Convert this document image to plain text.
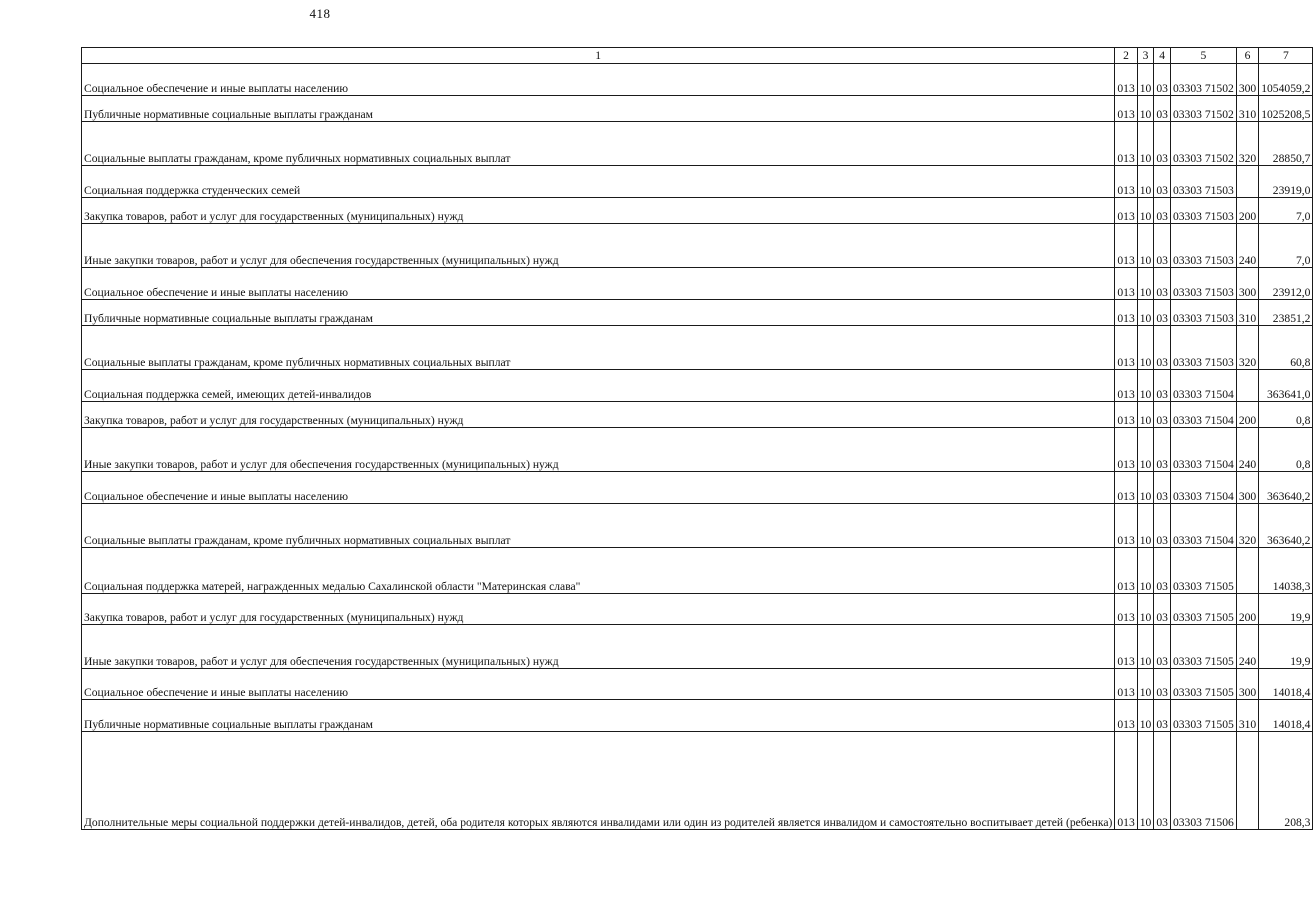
418
1	2	3	4	5	6	7
Социальное обеспечение и иные выплаты населению	013	10	03	03303 71502	300	1054059,2
Публичные нормативные социальные выплаты гражданам	013	10	03	03303 71502	310	1025208,5
Социальные выплаты гражданам, кроме публичных нормативных социальных выплат	013	10	03	03303 71502	320	28850,7
Социальная поддержка студенческих семей	013	10	03	03303 71503		23919,0
Закупка товаров, работ и услуг для государственных (муниципальных) нужд	013	10	03	03303 71503	200	7,0
Иные закупки товаров, работ и услуг для обеспечения государственных (муниципальных) нужд	013	10	03	03303 71503	240	7,0
Социальное обеспечение и иные выплаты населению	013	10	03	03303 71503	300	23912,0
Публичные нормативные социальные выплаты гражданам	013	10	03	03303 71503	310	23851,2
Социальные выплаты гражданам, кроме публичных нормативных социальных выплат	013	10	03	03303 71503	320	60,8
Социальная поддержка семей, имеющих детей-инвалидов	013	10	03	03303 71504		363641,0
Закупка товаров, работ и услуг для государственных (муниципальных) нужд	013	10	03	03303 71504	200	0,8
Иные закупки товаров, работ и услуг для обеспечения государственных (муниципальных) нужд	013	10	03	03303 71504	240	0,8
Социальное обеспечение и иные выплаты населению	013	10	03	03303 71504	300	363640,2
Социальные выплаты гражданам, кроме публичных нормативных социальных выплат	013	10	03	03303 71504	320	363640,2
Социальная поддержка матерей, награжденных медалью Сахалинской области "Материнская слава"	013	10	03	03303 71505		14038,3
Закупка товаров, работ и услуг для государственных (муниципальных) нужд	013	10	03	03303 71505	200	19,9
Иные закупки товаров, работ и услуг для обеспечения государственных (муниципальных) нужд	013	10	03	03303 71505	240	19,9
Социальное обеспечение и иные выплаты населению	013	10	03	03303 71505	300	14018,4
Публичные нормативные социальные выплаты гражданам	013	10	03	03303 71505	310	14018,4
Дополнительные меры социальной поддержки детей-инвалидов, детей, оба родителя которых являются инвалидами или один из родителей является инвалидом и самостоятельно воспитывает детей (ребенка)	013	10	03	03303 71506		208,3
